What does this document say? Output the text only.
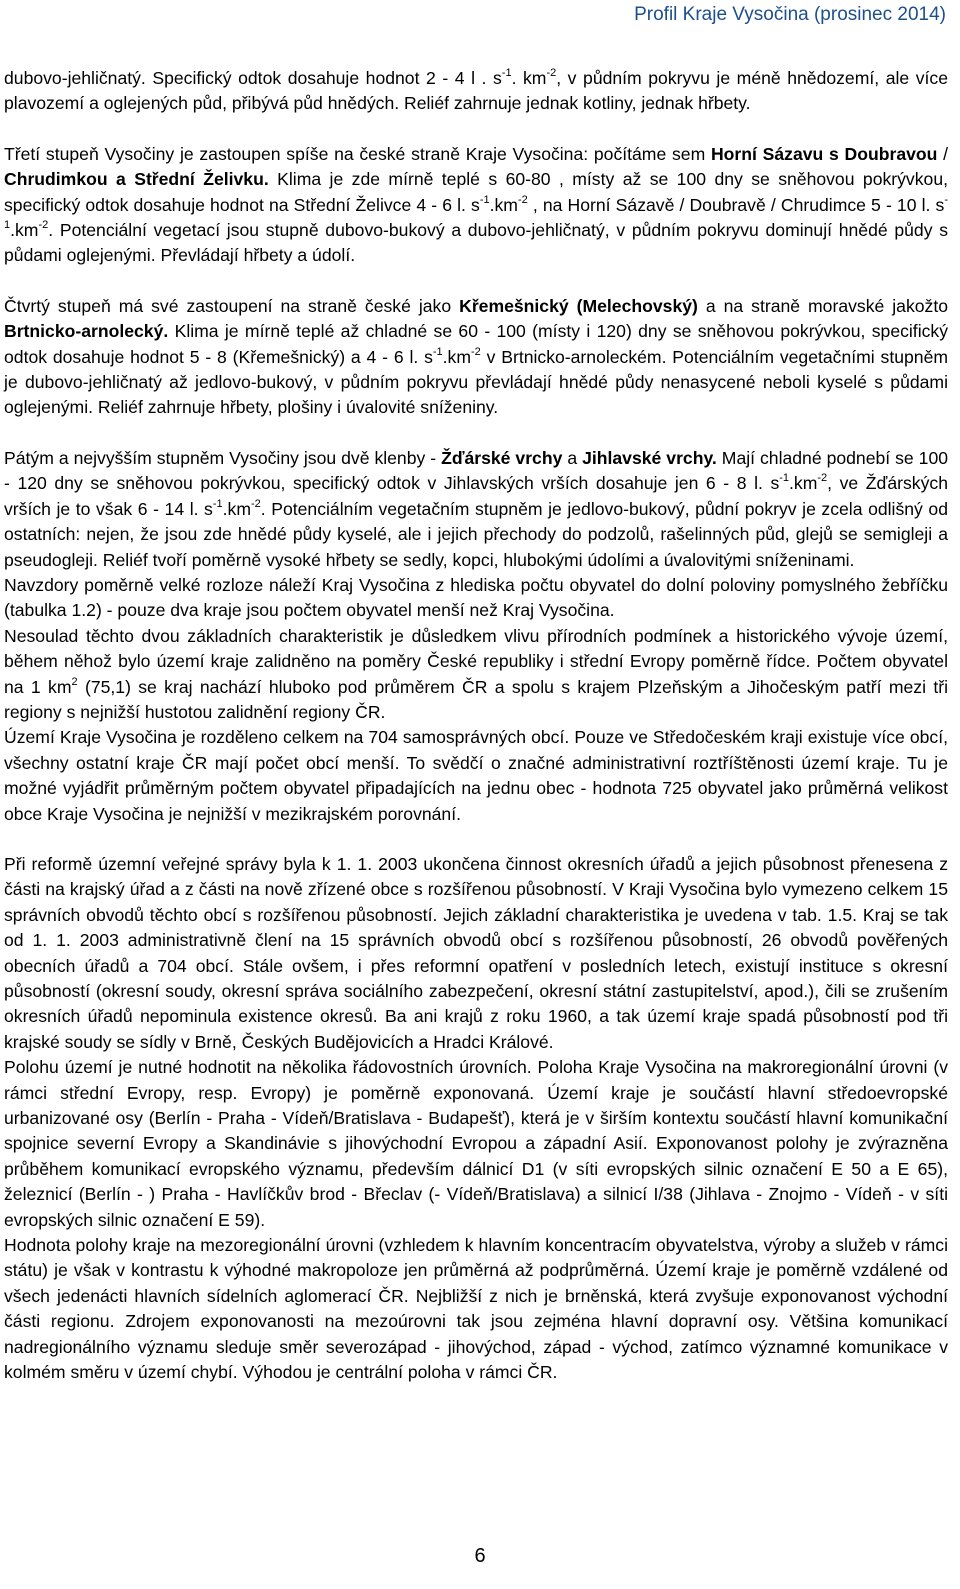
Profil Kraje Vysočina (prosinec 2014)

dubovo-jehličnatý. Specifický odtok dosahuje hodnot 2 - 4 l . $s^{-1}$. $km^{-2}$, v půdním pokryvu je méně hnědozemí, ale více plavozemí a oglejených půd, přibývá půd hnědých. Reliéf zahrnuje jednak kotliny, jednak hřbety.

Třetí stupeň Vysočiny je zastoupen spíše na české straně Kraje Vysočina: počítáme sem Horní Sázavu s Doubravou / Chrudimkou a Střední Želivku. Klima je zde mírně teplé s 60-80 , místy až se 100 dny se sněhovou pokrývkou, specifický odtok dosahuje hodnot na Střední Želivce 4 - 6 l. $s^{-1}.km^{-2}$ , na Horní Sázavě / Doubravě / Chrudimce 5 - 10 l. $s^{-1}.km^{-2}$. Potenciální vegetací jsou stupně dubovo-bukový a dubovo-jehličnatý, v půdním pokryvu dominují hnědé půdy s půdami oglejenými. Převládají hřbety a údolí.

Čtvrtý stupeň má své zastoupení na straně české jako Křemešnický (Melechovský) a na straně moravské jakožto Brtnicko-arnolecký. Klima je mírně teplé až chladné se 60 - 100 (místy i 120) dny se sněhovou pokrývkou, specifický odtok dosahuje hodnot 5 - 8 (Křemešnický) a 4 - 6 l. $s^{-1}.km^{-2}$ v Brtnicko-arnoleckém. Potenciálním vegetačními stupněm je dubovo-jehličnatý až jedlovo-bukový, v půdním pokryvu převládají hnědé půdy nenasycené neboli kyselé s půdami oglejenými. Reliéf zahrnuje hřbety, plošiny i úvalovité sníženiny.

Pátým a nejvyšším stupněm Vysočiny jsou dvě klenby - Žďárské vrchy a Jihlavské vrchy. Mají chladné podnebí se 100 - 120 dny se sněhovou pokrývkou, specifický odtok v Jihlavských vrších dosahuje jen 6 - 8 l. $s^{-1}.km^{-2}$, ve Žďárských vrších je to však 6 - 14 l. $s^{-1}.km^{-2}$. Potenciálním vegetačním stupněm je jedlovo-bukový, půdní pokryv je zcela odlišný od ostatních: nejen, že jsou zde hnědé půdy kyselé, ale i jejich přechody do podzolů, rašelinných půd, glejů se semigleji a pseudogleji. Reliéf tvoří poměrně vysoké hřbety se sedly, kopci, hlubokými údolími a úvalovitými sníženinami.

Navzdory poměrně velké rozloze náleží Kraj Vysočina z hlediska počtu obyvatel do dolní poloviny pomyslného žebříčku (tabulka 1.2) - pouze dva kraje jsou počtem obyvatel menší než Kraj Vysočina.

Nesoulad těchto dvou základních charakteristik je důsledkem vlivu přírodních podmínek a historického vývoje území, během něhož bylo území kraje zalidněno na poměry České republiky i střední Evropy poměrně řídce. Počtem obyvatel na 1 $km^2$ (75,1) se kraj nachází hluboko pod průměrem ČR a spolu s krajem Plzeňským a Jihočeským patří mezi tři regiony s nejnižší hustotou zalidnění regiony ČR.

Území Kraje Vysočina je rozděleno celkem na 704 samosprávných obcí. Pouze ve Středočeském kraji existuje více obcí, všechny ostatní kraje ČR mají počet obcí menší. To svědčí o značné administrativní roztříštěnosti území kraje. Tu je možné vyjádřit průměrným počtem obyvatel připadajících na jednu obec - hodnota 725 obyvatel jako průměrná velikost obce Kraje Vysočina je nejnižší v mezikrajském porovnání.

Při reformě územní veřejné správy byla k 1. 1. 2003 ukončena činnost okresních úřadů a jejich působnost přenesena z části na krajský úřad a z části na nově zřízené obce s rozšířenou působností. V Kraji Vysočina bylo vymezeno celkem 15 správních obvodů těchto obcí s rozšířenou působností. Jejich základní charakteristika je uvedena v tab. 1.5. Kraj se tak od 1. 1. 2003 administrativně člení na 15 správních obvodů obcí s rozšířenou působností, 26 obvodů pověřených obecních úřadů a 704 obcí. Stále ovšem, i přes reformní opatření v posledních letech, existují instituce s okresní působností (okresní soudy, okresní správa sociálního zabezpečení, okresní státní zastupitelství, apod.), čili se zrušením okresních úřadů nepominula existence okresů. Ba ani krajů z roku 1960, a tak území kraje spadá působností pod tři krajské soudy se sídly v Brně, Českých Budějovicích a Hradci Králové.

Polohu území je nutné hodnotit na několika řádovostních úrovních. Poloha Kraje Vysočina na makroregionální úrovni (v rámci střední Evropy, resp. Evropy) je poměrně exponovaná. Území kraje je součástí hlavní středoevropské urbanizované osy (Berlín - Praha - Vídeň/Bratislava - Budapešť), která je v širším kontextu součástí hlavní komunikační spojnice severní Evropy a Skandinávie s jihovýchodní Evropou a západní Asií. Exponovanost polohy je zvýrazněna průběhem komunikací evropského významu, především dálnicí D1 (v síti evropských silnic označení E 50 a E 65), železnicí (Berlín - ) Praha - Havlíčkův brod - Břeclav (- Vídeň/Bratislava) a silnicí I/38 (Jihlava - Znojmo - Vídeň - v síti evropských silnic označení E 59).

Hodnota polohy kraje na mezoregionální úrovni (vzhledem k hlavním koncentracím obyvatelstva, výroby a služeb v rámci státu) je však v kontrastu k výhodné makropoloze jen průměrná až podprůměrná. Území kraje je poměrně vzdálené od všech jedenácti hlavních sídelních aglomerací ČR. Nejbližší z nich je brněnská, která zvyšuje exponovanost východní části regionu. Zdrojem exponovanosti na mezoúrovni tak jsou zejména hlavní dopravní osy. Většina komunikací nadregionálního významu sleduje směr severozápad - jihovýchod, západ - východ, zatímco významné komunikace v kolmém směru v území chybí. Výhodou je centrální poloha v rámci ČR.

6
